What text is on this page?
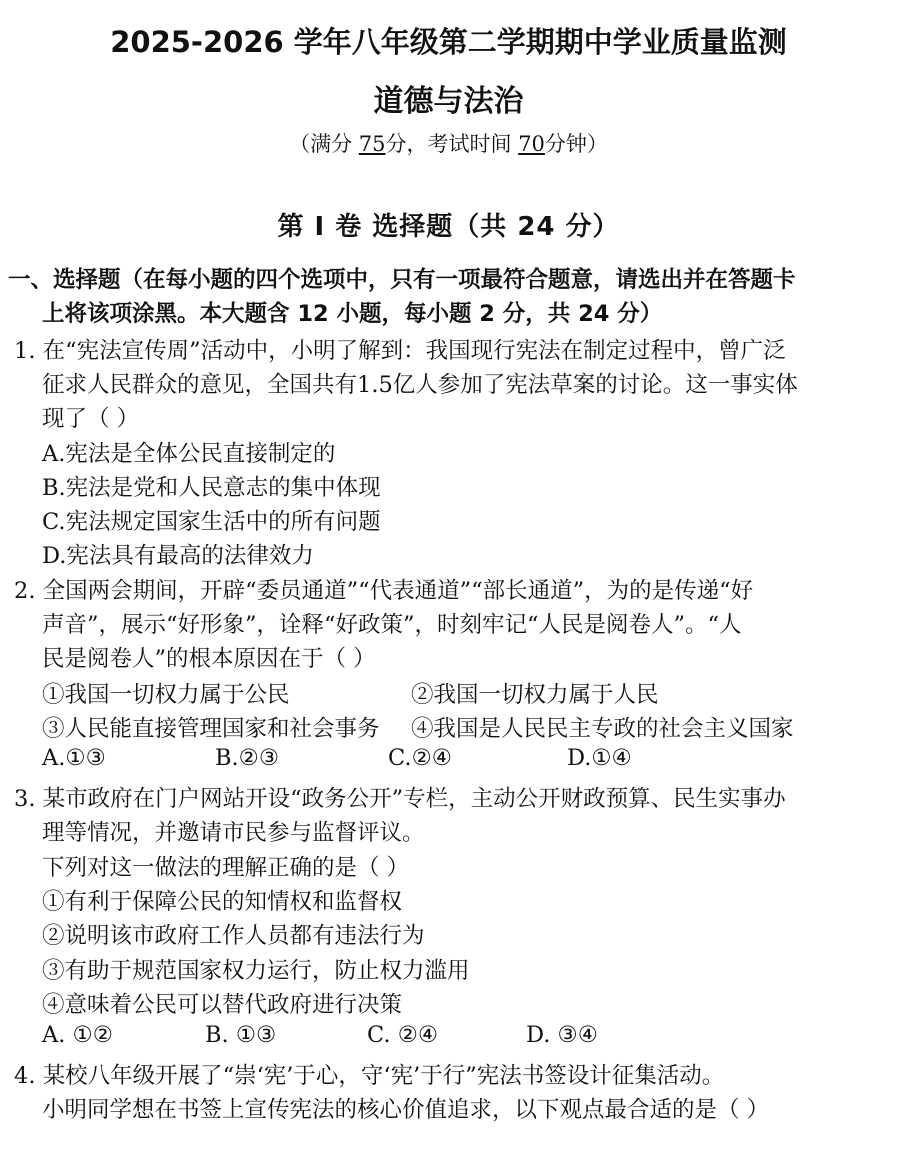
2025-2026 学年八年级第二学期期中学业质量监测
道德与法治
（满分 75分，考试时间 70分钟）
第 Ⅰ 卷 选择题（共 24 分）
一、选择题（在每小题的四个选项中，只有一项最符合题意，请选出并在答题卡
上将该项涂黑。本大题含 12 小题，每小题 2 分，共 24 分）
1. 在“宪法宣传周”活动中，小明了解到：我国现行宪法在制定过程中，曾广泛
征求人民群众的意见，全国共有1.5亿人参加了宪法草案的讨论。这一事实体
现了（ ）
A.宪法是全体公民直接制定的
B.宪法是党和人民意志的集中体现
C.宪法规定国家生活中的所有问题
D.宪法具有最高的法律效力
2. 全国两会期间，开辟“委员通道”“代表通道”“部长通道”，为的是传递“好
声音”，展示“好形象”，诠释“好政策”，时刻牢记“人民是阅卷人”。“人
民是阅卷人”的根本原因在于（ ）
①我国一切权力属于公民	②我国一切权力属于人民
③人民能直接管理国家和社会事务 ④我国是人民民主专政的社会主义国家
A.①③	B.②③	C.②④	D.①④
3. 某市政府在门户网站开设“政务公开”专栏，主动公开财政预算、民生实事办
理等情况，并邀请市民参与监督评议。
下列对这一做法的理解正确的是（ ）
①有利于保障公民的知情权和监督权
②说明该市政府工作人员都有违法行为
③有助于规范国家权力运行，防止权力滥用
④意味着公民可以替代政府进行决策
A. ①②	B. ①③	C. ②④	D. ③④
4. 某校八年级开展了“崇‘宪’于心，守‘宪’于行”宪法书签设计征集活动。
小明同学想在书签上宣传宪法的核心价值追求，以下观点最合适的是（ ）
